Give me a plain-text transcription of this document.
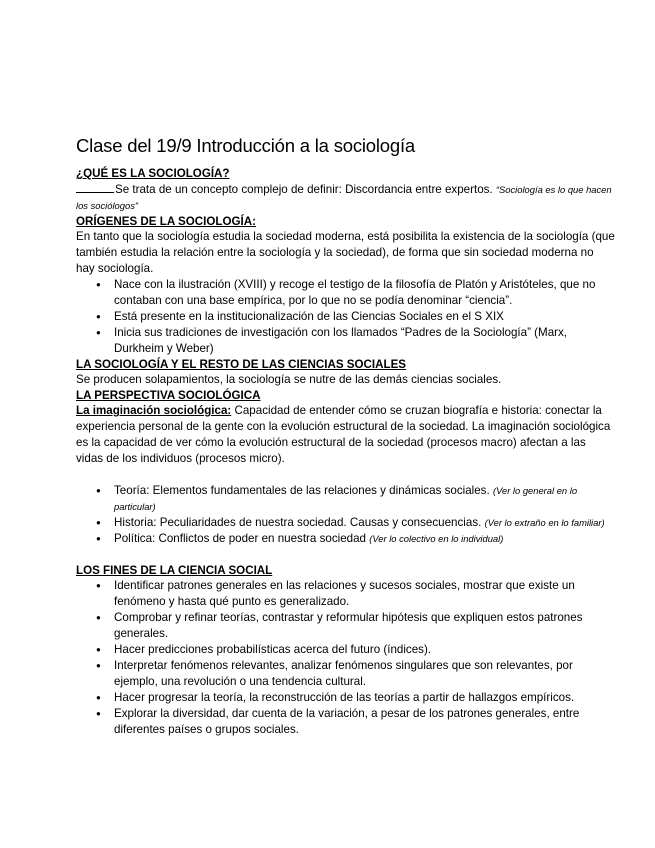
Clase del 19/9 Introducción a la sociología
¿QUÉ ES LA SOCIOLOGÍA?

Se trata de un concepto complejo de definir: Discordancia entre expertos. “Sociología es lo que hacen los sociólogos”

ORÍGENES DE LA SOCIOLOGÍA:

En tanto que la sociología estudia la sociedad moderna, está posibilita la existencia de la sociología (que también estudia la relación entre la sociología y la sociedad), de forma que sin sociedad moderna no hay sociología.

● Nace con la ilustración (XVIII) y recoge el testigo de la filosofía de Platón y Aristóteles, que no contaban con una base empírica, por lo que no se podía denominar “ciencia”.
● Está presente en la institucionalización de las Ciencias Sociales en el S XIX
● Inicia sus tradiciones de investigación con los llamados “Padres de la Sociología” (Marx, Durkheim y Weber)
LA SOCIOLOGÍA Y EL RESTO DE LAS CIENCIAS SOCIALES

Se producen solapamientos, la sociología se nutre de las demás ciencias sociales.

LA PERSPECTIVA SOCIOLÓGICA

La imaginación sociológica: Capacidad de entender cómo se cruzan biografía e historia: conectar la experiencia personal de la gente con la evolución estructural de la sociedad. La imaginación sociológica es la capacidad de ver cómo la evolución estructural de la sociedad (procesos macro) afectan a las vidas de los individuos (procesos micro).

● Teoría: Elementos fundamentales de las relaciones y dinámicas sociales. (Ver lo general en lo particular)
● Historia: Peculiaridades de nuestra sociedad. Causas y consecuencias. (Ver lo extraño en lo familiar)
● Política: Conflictos de poder en nuestra sociedad (Ver lo colectivo en lo individual)
LOS FINES DE LA CIENCIA SOCIAL
● Identificar patrones generales en las relaciones y sucesos sociales, mostrar que existe un fenómeno y hasta qué punto es generalizado.
● Comprobar y refinar teorías, contrastar y reformular hipótesis que expliquen estos patrones generales.
● Hacer predicciones probabilísticas acerca del futuro (índices).
● Interpretar fenómenos relevantes, analizar fenómenos singulares que son relevantes, por ejemplo, una revolución o una tendencia cultural.
● Hacer progresar la teoría, la reconstrucción de las teorías a partir de hallazgos empíricos.
● Explorar la diversidad, dar cuenta de la variación, a pesar de los patrones generales, entre diferentes países o grupos sociales.
